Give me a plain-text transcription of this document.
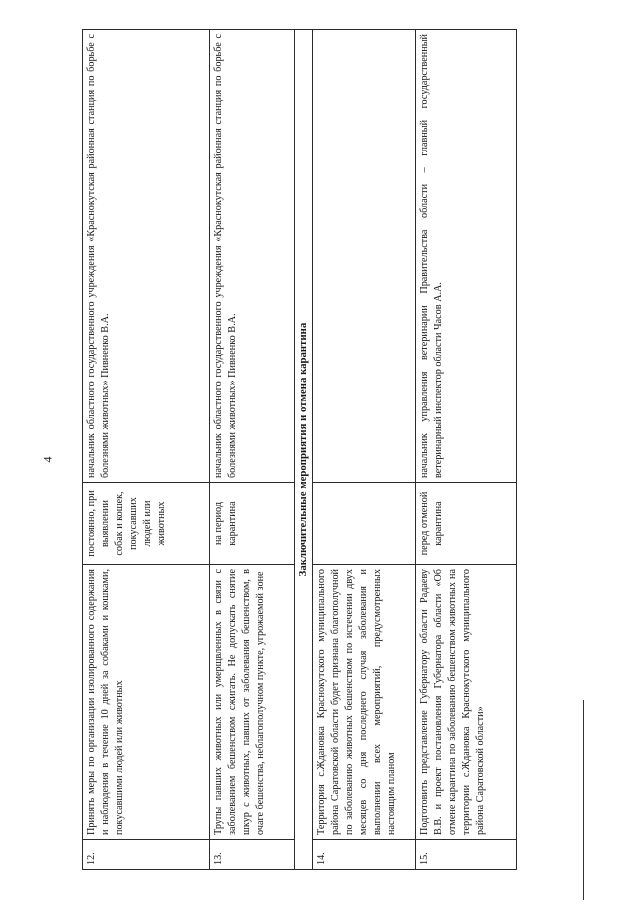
4
12.	Принять меры по организации изолированного содержания и наблюдения в течение 10 дней за собаками и кошками, покусавшими людей или животных	постоянно, при выявлении собак и кошек, покусавших людей или животных	начальник областного государственного учреждения «Краснокутская районная станция по борьбе с болезнями животных» Пивненко В.А.
13.	Трупы павших животных или умерщвленных в связи с заболеванием бешенством сжигать. Не допускать снятие шкур с животных, павших от заболевания бешенством, в очаге бешенства, неблагополучном пункте, угрожаемой зоне	на период карантина	начальник областного государственного учреждения «Краснокутская районная станция по борьбе с болезнями животных» Пивненко В.А.
Заключительные мероприятия и отмена карантина			
14.	Территория с.Ждановка Краснокутского муниципального района Саратовской области будет признана благополучной по заболеванию животных бешенством по истечении двух месяцев со дня последнего случая заболевания и выполнении всех мероприятий, предусмотренных настоящим планом		
15.	Подготовить представление Губернатору области Радаеву В.В. и проект постановления Губернатора области «Об отмене карантина по заболеванию бешенством животных на территории с.Ждановка Краснокутского муниципального района Саратовской области»	перед отменой карантина	начальник управления ветеринарии Правительства области – главный государственный ветеринарный инспектор области Часов А.А.
